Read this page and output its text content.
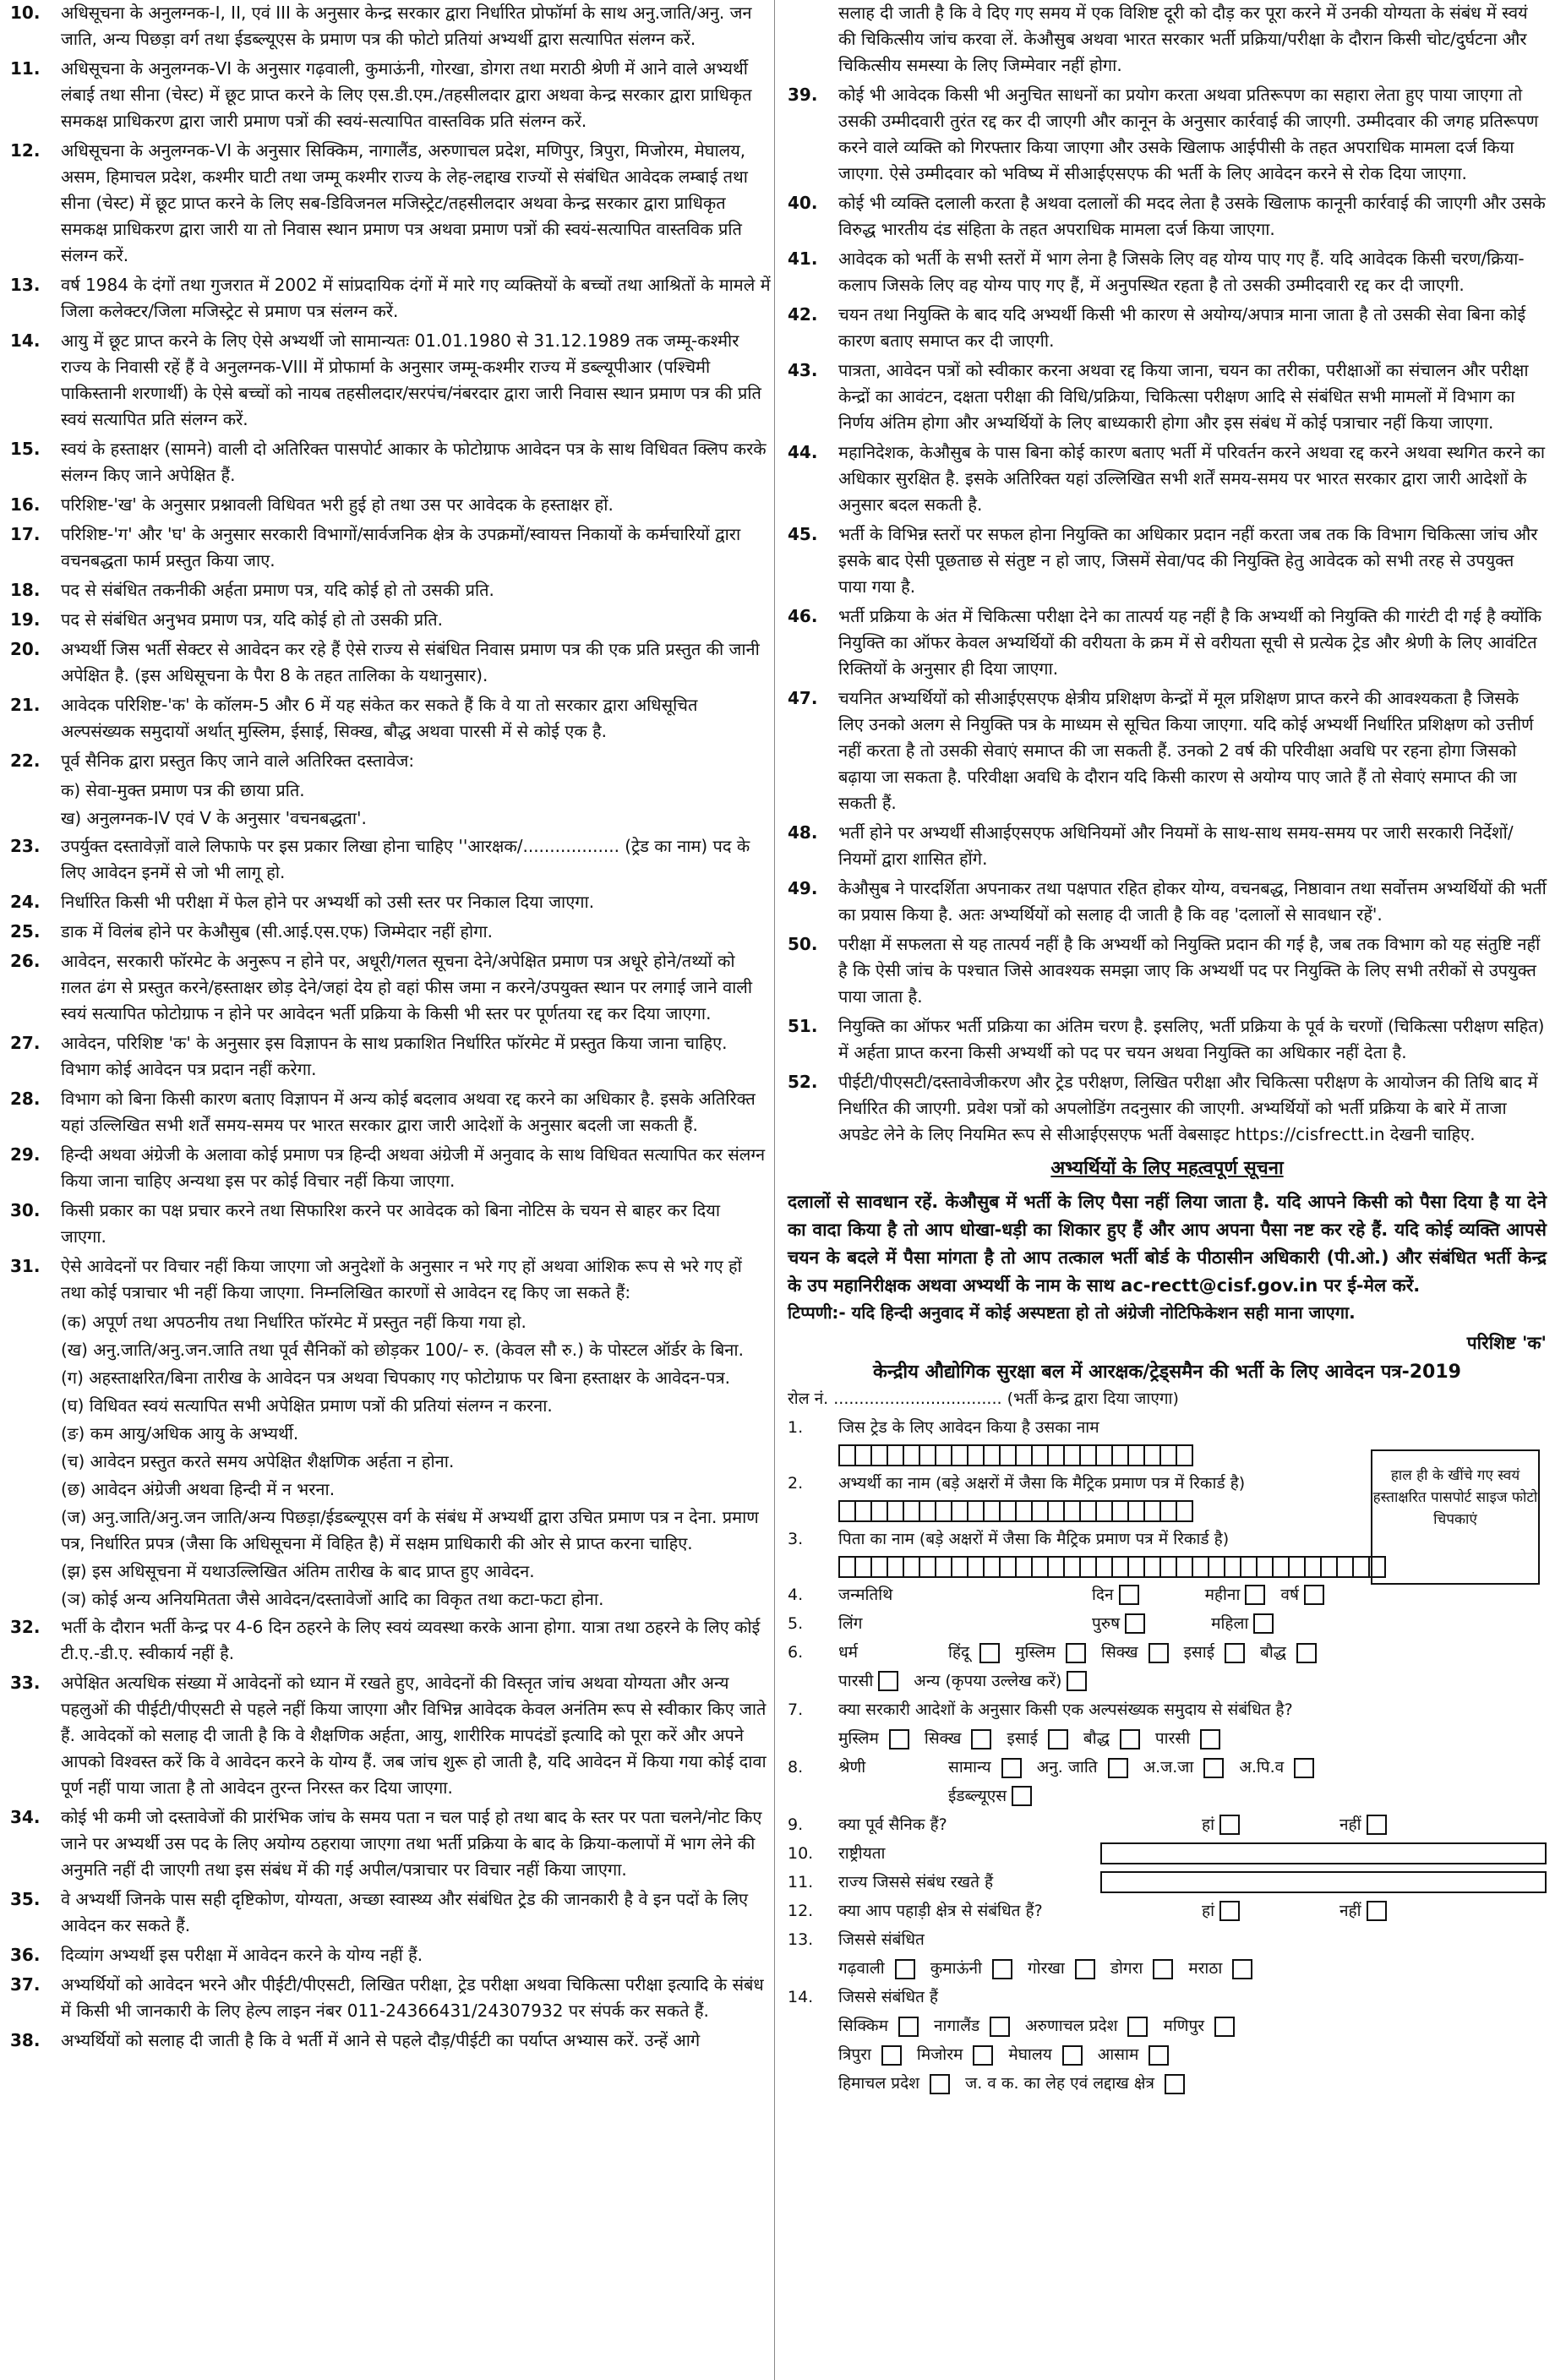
10.	अधिसूचना के अनुलग्नक-I, II, एवं III के अनुसार केन्द्र सरकार द्वारा निर्धारित प्रोफॉर्मा के साथ अनु.जाति/अनु. जन जाति, अन्य पिछड़ा वर्ग तथा ईडब्ल्यूएस के प्रमाण पत्र की फोटो प्रतियां अभ्यर्थी द्वारा सत्यापित संलग्न करें.
11.	अधिसूचना के अनुलग्नक-VI के अनुसार गढ़वाली, कुमाऊंनी, गोरखा, डोगरा तथा मराठी श्रेणी में आने वाले अभ्यर्थी लंबाई तथा सीना (चेस्ट) में छूट प्राप्त करने के लिए एस.डी.एम./तहसीलदार द्वारा अथवा केन्द्र सरकार द्वारा प्राधिकृत समकक्ष प्राधिकरण द्वारा जारी प्रमाण पत्रों की स्वयं-सत्यापित वास्तविक प्रति संलग्न करें.
12.	अधिसूचना के अनुलग्नक-VI के अनुसार सिक्किम, नागालैंड, अरुणाचल प्रदेश, मणिपुर, त्रिपुरा, मिजोरम, मेघालय, असम, हिमाचल प्रदेश, कश्मीर घाटी तथा जम्मू कश्मीर राज्य के लेह-लद्दाख राज्यों से संबंधित आवेदक लम्बाई तथा सीना (चेस्ट) में छूट प्राप्त करने के लिए सब-डिविजनल मजिस्ट्रेट/तहसीलदार अथवा केन्द्र सरकार द्वारा प्राधिकृत समकक्ष प्राधिकरण द्वारा जारी या तो निवास स्थान प्रमाण पत्र अथवा प्रमाण पत्रों की स्वयं-सत्यापित वास्तविक प्रति संलग्न करें.
13.	वर्ष 1984 के दंगों तथा गुजरात में 2002 में सांप्रदायिक दंगों में मारे गए व्यक्तियों के बच्चों तथा आश्रितों के मामले में जिला कलेक्टर/जिला मजिस्ट्रेट से प्रमाण पत्र संलग्न करें.
14.	आयु में छूट प्राप्त करने के लिए ऐसे अभ्यर्थी जो सामान्यतः 01.01.1980 से 31.12.1989 तक जम्मू-कश्मीर राज्य के निवासी रहें हैं वे अनुलग्नक-VIII में प्रोफार्मा के अनुसार जम्मू-कश्मीर राज्य में डब्ल्यूपीआर (पश्चिमी पाकिस्तानी शरणार्थी) के ऐसे बच्चों को नायब तहसीलदार/सरपंच/नंबरदार द्वारा जारी निवास स्थान प्रमाण पत्र की प्रति स्वयं सत्यापित प्रति संलग्न करें.
15.	स्वयं के हस्ताक्षर (सामने) वाली दो अतिरिक्त पासपोर्ट आकार के फोटोग्राफ आवेदन पत्र के साथ विधिवत क्लिप करके संलग्न किए जाने अपेक्षित हैं.
16.	परिशिष्ट-'ख' के अनुसार प्रश्नावली विधिवत भरी हुई हो तथा उस पर आवेदक के हस्ताक्षर हों.
17.	परिशिष्ट-'ग' और 'घ' के अनुसार सरकारी विभागों/सार्वजनिक क्षेत्र के उपक्रमों/स्वायत्त निकायों के कर्मचारियों द्वारा वचनबद्धता फार्म प्रस्तुत किया जाए.
18.	पद से संबंधित तकनीकी अर्हता प्रमाण पत्र, यदि कोई हो तो उसकी प्रति.
19.	पद से संबंधित अनुभव प्रमाण पत्र, यदि कोई हो तो उसकी प्रति.
20.	अभ्यर्थी जिस भर्ती सेक्टर से आवेदन कर रहे हैं ऐसे राज्य से संबंधित निवास प्रमाण पत्र की एक प्रति प्रस्तुत की जानी अपेक्षित है. (इस अधिसूचना के पैरा 8 के तहत तालिका के यथानुसार).
21.	आवेदक परिशिष्ट-'क' के कॉलम-5 और 6 में यह संकेत कर सकते हैं कि वे या तो सरकार द्वारा अधिसूचित अल्पसंख्यक समुदायों अर्थात् मुस्लिम, ईसाई, सिक्ख, बौद्ध अथवा पारसी में से कोई एक है.
22.	पूर्व सैनिक द्वारा प्रस्तुत किए जाने वाले अतिरिक्त दस्तावेज:
क) सेवा-मुक्त प्रमाण पत्र की छाया प्रति.
ख) अनुलग्नक-IV एवं V के अनुसार 'वचनबद्धता'.
23.	उपर्युक्त दस्तावेज़ों वाले लिफाफे पर इस प्रकार लिखा होना चाहिए ''आरक्षक/.................. (ट्रेड का नाम) पद के लिए आवेदन इनमें से जो भी लागू हो.
24.	निर्धारित किसी भी परीक्षा में फेल होने पर अभ्यर्थी को उसी स्तर पर निकाल दिया जाएगा.
25.	डाक में विलंब होने पर केऔसुब (सी.आई.एस.एफ) जिम्मेदार नहीं होगा.
26.	आवेदन, सरकारी फॉरमेट के अनुरूप न होने पर, अधूरी/गलत सूचना देने/अपेक्षित प्रमाण पत्र अधूरे होने/तथ्यों को ग़लत ढंग से प्रस्तुत करने/हस्ताक्षर छोड़ देने/जहां देय हो वहां फीस जमा न करने/उपयुक्त स्थान पर लगाई जाने वाली स्वयं सत्यापित फोटोग्राफ न होने पर आवेदन भर्ती प्रक्रिया के किसी भी स्तर पर पूर्णतया रद्द कर दिया जाएगा.
27.	आवेदन, परिशिष्ट 'क' के अनुसार इस विज्ञापन के साथ प्रकाशित निर्धारित फॉरमेट में प्रस्तुत किया जाना चाहिए. विभाग कोई आवेदन पत्र प्रदान नहीं करेगा.
28.	विभाग को बिना किसी कारण बताए विज्ञापन में अन्य कोई बदलाव अथवा रद्द करने का अधिकार है. इसके अतिरिक्त यहां उल्लिखित सभी शर्तें समय-समय पर भारत सरकार द्वारा जारी आदेशों के अनुसार बदली जा सकती हैं.
29.	हिन्दी अथवा अंग्रेजी के अलावा कोई प्रमाण पत्र हिन्दी अथवा अंग्रेजी में अनुवाद के साथ विधिवत सत्यापित कर संलग्न किया जाना चाहिए अन्यथा इस पर कोई विचार नहीं किया जाएगा.
30.	किसी प्रकार का पक्ष प्रचार करने तथा सिफारिश करने पर आवेदक को बिना नोटिस के चयन से बाहर कर दिया जाएगा.
31.	ऐसे आवेदनों पर विचार नहीं किया जाएगा जो अनुदेशों के अनुसार न भरे गए हों अथवा आंशिक रूप से भरे गए हों तथा कोई पत्राचार भी नहीं किया जाएगा. निम्नलिखित कारणों से आवेदन रद्द किए जा सकते हैं:
(क) अपूर्ण तथा अपठनीय तथा निर्धारित फॉरमेट में प्रस्तुत नहीं किया गया हो.
(ख) अनु.जाति/अनु.जन.जाति तथा पूर्व सैनिकों को छोड़कर 100/- रु. (केवल सौ रु.) के पोस्टल ऑर्डर के बिना.
(ग) अहस्ताक्षरित/बिना तारीख के आवेदन पत्र अथवा चिपकाए गए फोटोग्राफ पर बिना हस्ताक्षर के आवेदन-पत्र.
(घ) विधिवत स्वयं सत्यापित सभी अपेक्षित प्रमाण पत्रों की प्रतियां संलग्न न करना.
(ङ) कम आयु/अधिक आयु के अभ्यर्थी.
(च) आवेदन प्रस्तुत करते समय अपेक्षित शैक्षणिक अर्हता न होना.
(छ) आवेदन अंग्रेजी अथवा हिन्दी में न भरना.
(ज) अनु.जाति/अनु.जन जाति/अन्य पिछड़ा/ईडब्ल्यूएस वर्ग के संबंध में अभ्यर्थी द्वारा उचित प्रमाण पत्र न देना. प्रमाण पत्र, निर्धारित प्रपत्र (जैसा कि अधिसूचना में विहित है) में सक्षम प्राधिकारी की ओर से प्राप्त करना चाहिए.
(झ) इस अधिसूचना में यथाउल्लिखित अंतिम तारीख के बाद प्राप्त हुए आवेदन.
(ञ) कोई अन्य अनियमितता जैसे आवेदन/दस्तावेजों आदि का विकृत तथा कटा-फटा होना.
32.	भर्ती के दौरान भर्ती केन्द्र पर 4-6 दिन ठहरने के लिए स्वयं व्यवस्था करके आना होगा. यात्रा तथा ठहरने के लिए कोई टी.ए.-डी.ए. स्वीकार्य नहीं है.
33.	अपेक्षित अत्यधिक संख्या में आवेदनों को ध्यान में रखते हुए, आवेदनों की विस्तृत जांच अथवा योग्यता और अन्य पहलुओं की पीईटी/पीएसटी से पहले नहीं किया जाएगा और विभिन्न आवेदक केवल अनंतिम रूप से स्वीकार किए जाते हैं. आवेदकों को सलाह दी जाती है कि वे शैक्षणिक अर्हता, आयु, शारीरिक मापदंडों इत्यादि को पूरा करें और अपने आपको विश्वस्त करें कि वे आवेदन करने के योग्य हैं. जब जांच शुरू हो जाती है, यदि आवेदन में किया गया कोई दावा पूर्ण नहीं पाया जाता है तो आवेदन तुरन्त निरस्त कर दिया जाएगा.
34.	कोई भी कमी जो दस्तावेजों की प्रारंभिक जांच के समय पता न चल पाई हो तथा बाद के स्तर पर पता चलने/नोट किए जाने पर अभ्यर्थी उस पद के लिए अयोग्य ठहराया जाएगा तथा भर्ती प्रक्रिया के बाद के क्रिया-कलापों में भाग लेने की अनुमति नहीं दी जाएगी तथा इस संबंध में की गई अपील/पत्राचार पर विचार नहीं किया जाएगा.
35.	वे अभ्यर्थी जिनके पास सही दृष्टिकोण, योग्यता, अच्छा स्वास्थ्य और संबंधित ट्रेड की जानकारी है वे इन पदों के लिए आवेदन कर सकते हैं.
36.	दिव्यांग अभ्यर्थी इस परीक्षा में आवेदन करने के योग्य नहीं हैं.
37.	अभ्यर्थियों को आवेदन भरने और पीईटी/पीएसटी, लिखित परीक्षा, ट्रेड परीक्षा अथवा चिकित्सा परीक्षा इत्यादि के संबंध में किसी भी जानकारी के लिए हेल्प लाइन नंबर 011-24366431/24307932 पर संपर्क कर सकते हैं.
38.	अभ्यर्थियों को सलाह दी जाती है कि वे भर्ती में आने से पहले दौड़/पीईटी का पर्याप्त अभ्यास करें. उन्हें आगे
सलाह दी जाती है कि वे दिए गए समय में एक विशिष्ट दूरी को दौड़ कर पूरा करने में उनकी योग्यता के संबंध में स्वयं की चिकित्सीय जांच करवा लें. केऔसुब अथवा भारत सरकार भर्ती प्रक्रिया/परीक्षा के दौरान किसी चोट/दुर्घटना और चिकित्सीय समस्या के लिए जिम्मेवार नहीं होगा.
39.	कोई भी आवेदक किसी भी अनुचित साधनों का प्रयोग करता अथवा प्रतिरूपण का सहारा लेता हुए पाया जाएगा तो उसकी उम्मीदवारी तुरंत रद्द कर दी जाएगी और कानून के अनुसार कार्रवाई की जाएगी. उम्मीदवार की जगह प्रतिरूपण करने वाले व्यक्ति को गिरफ्तार किया जाएगा और उसके खिलाफ आईपीसी के तहत अपराधिक मामला दर्ज किया जाएगा. ऐसे उम्मीदवार को भविष्य में सीआईएसएफ की भर्ती के लिए आवेदन करने से रोक दिया जाएगा.
40.	कोई भी व्यक्ति दलाली करता है अथवा दलालों की मदद लेता है उसके खिलाफ कानूनी कार्रवाई की जाएगी और उसके विरुद्ध भारतीय दंड संहिता के तहत अपराधिक मामला दर्ज किया जाएगा.
41.	आवेदक को भर्ती के सभी स्तरों में भाग लेना है जिसके लिए वह योग्य पाए गए हैं. यदि आवेदक किसी चरण/क्रिया-कलाप जिसके लिए वह योग्य पाए गए हैं, में अनुपस्थित रहता है तो उसकी उम्मीदवारी रद्द कर दी जाएगी.
42.	चयन तथा नियुक्ति के बाद यदि अभ्यर्थी किसी भी कारण से अयोग्य/अपात्र माना जाता है तो उसकी सेवा बिना कोई कारण बताए समाप्त कर दी जाएगी.
43.	पात्रता, आवेदन पत्रों को स्वीकार करना अथवा रद्द किया जाना, चयन का तरीका, परीक्षाओं का संचालन और परीक्षा केन्द्रों का आवंटन, दक्षता परीक्षा की विधि/प्रक्रिया, चिकित्सा परीक्षण आदि से संबंधित सभी मामलों में विभाग का निर्णय अंतिम होगा और अभ्यर्थियों के लिए बाध्यकारी होगा और इस संबंध में कोई पत्राचार नहीं किया जाएगा.
44.	महानिदेशक, केऔसुब के पास बिना कोई कारण बताए भर्ती में परिवर्तन करने अथवा रद्द करने अथवा स्थगित करने का अधिकार सुरक्षित है. इसके अतिरिक्त यहां उल्लिखित सभी शर्तें समय-समय पर भारत सरकार द्वारा जारी आदेशों के अनुसार बदल सकती है.
45.	भर्ती के विभिन्न स्तरों पर सफल होना नियुक्ति का अधिकार प्रदान नहीं करता जब तक कि विभाग चिकित्सा जांच और इसके बाद ऐसी पूछताछ से संतुष्ट न हो जाए, जिसमें सेवा/पद की नियुक्ति हेतु आवेदक को सभी तरह से उपयुक्त पाया गया है.
46.	भर्ती प्रक्रिया के अंत में चिकित्सा परीक्षा देने का तात्पर्य यह नहीं है कि अभ्यर्थी को नियुक्ति की गारंटी दी गई है क्योंकि नियुक्ति का ऑफर केवल अभ्यर्थियों की वरीयता के क्रम में से वरीयता सूची से प्रत्येक ट्रेड और श्रेणी के लिए आवंटित रिक्तियों के अनुसार ही दिया जाएगा.
47.	चयनित अभ्यर्थियों को सीआईएसएफ क्षेत्रीय प्रशिक्षण केन्द्रों में मूल प्रशिक्षण प्राप्त करने की आवश्यकता है जिसके लिए उनको अलग से नियुक्ति पत्र के माध्यम से सूचित किया जाएगा. यदि कोई अभ्यर्थी निर्धारित प्रशिक्षण को उत्तीर्ण नहीं करता है तो उसकी सेवाएं समाप्त की जा सकती हैं. उनको 2 वर्ष की परिवीक्षा अवधि पर रहना होगा जिसको बढ़ाया जा सकता है. परिवीक्षा अवधि के दौरान यदि किसी कारण से अयोग्य पाए जाते हैं तो सेवाएं समाप्त की जा सकती हैं.
48.	भर्ती होने पर अभ्यर्थी सीआईएसएफ अधिनियमों और नियमों के साथ-साथ समय-समय पर जारी सरकारी निर्देशों/नियमों द्वारा शासित होंगे.
49.	केऔसुब ने पारदर्शिता अपनाकर तथा पक्षपात रहित होकर योग्य, वचनबद्ध, निष्ठावान तथा सर्वोत्तम अभ्यर्थियों की भर्ती का प्रयास किया है. अतः अभ्यर्थियों को सलाह दी जाती है कि वह 'दलालों से सावधान रहें'.
50.	परीक्षा में सफलता से यह तात्पर्य नहीं है कि अभ्यर्थी को नियुक्ति प्रदान की गई है, जब तक विभाग को यह संतुष्टि नहीं है कि ऐसी जांच के पश्चात जिसे आवश्यक समझा जाए कि अभ्यर्थी पद पर नियुक्ति के लिए सभी तरीकों से उपयुक्त पाया जाता है.
51.	नियुक्ति का ऑफर भर्ती प्रक्रिया का अंतिम चरण है. इसलिए, भर्ती प्रक्रिया के पूर्व के चरणों (चिकित्सा परीक्षण सहित) में अर्हता प्राप्त करना किसी अभ्यर्थी को पद पर चयन अथवा नियुक्ति का अधिकार नहीं देता है.
52.	पीईटी/पीएसटी/दस्तावेजीकरण और ट्रेड परीक्षण, लिखित परीक्षा और चिकित्सा परीक्षण के आयोजन की तिथि बाद में निर्धारित की जाएगी. प्रवेश पत्रों को अपलोडिंग तदनुसार की जाएगी. अभ्यर्थियों को भर्ती प्रक्रिया के बारे में ताजा अपडेट लेने के लिए नियमित रूप से सीआईएसएफ भर्ती वेबसाइट https://cisfrectt.in देखनी चाहिए.
अभ्यर्थियों के लिए महत्वपूर्ण सूचना
दलालों से सावधान रहें. केऔसुब में भर्ती के लिए पैसा नहीं लिया जाता है. यदि आपने किसी को पैसा दिया है या देने का वादा किया है तो आप धोखा-धड़ी का शिकार हुए हैं और आप अपना पैसा नष्ट कर रहे हैं. यदि कोई व्यक्ति आपसे चयन के बदले में पैसा मांगता है तो आप तत्काल भर्ती बोर्ड के पीठासीन अधिकारी (पी.ओ.) और संबंधित भर्ती केन्द्र के उप महानिरीक्षक अथवा अभ्यर्थी के नाम के साथ ac-rectt@cisf.gov.in पर ई-मेल करें.
टिप्पणी:- यदि हिन्दी अनुवाद में कोई अस्पष्टता हो तो अंग्रेजी नोटिफिकेशन सही माना जाएगा.
परिशिष्ट 'क'
केन्द्रीय औद्योगिक सुरक्षा बल में आरक्षक/ट्रेड्समैन की भर्ती के लिए आवेदन पत्र-2019
रोल नं. ................................. (भर्ती केन्द्र द्वारा दिया जाएगा)
हाल ही के खींचे गए स्वयं हस्ताक्षरित पासपोर्ट साइज फोटो चिपकाएं
1.	जिस ट्रेड के लिए आवेदन किया है उसका नाम
2.	अभ्यर्थी का नाम (बड़े अक्षरों में जैसा कि मैट्रिक प्रमाण पत्र में रिकार्ड है)
3.	पिता का नाम (बड़े अक्षरों में जैसा कि मैट्रिक प्रमाण पत्र में रिकार्ड है)
4.	जन्मतिथि	दिन	महीना	वर्ष
5.	लिंग	पुरुष	महिला
6.	धर्म	हिंदू	मुस्लिम	सिक्ख	इसाई	बौद्ध
पारसी	अन्य (कृपया उल्लेख करें)
7.	क्या सरकारी आदेशों के अनुसार किसी एक अल्पसंख्यक समुदाय से संबंधित है?
मुस्लिम	सिक्ख	इसाई	बौद्ध	पारसी
8.	श्रेणी	सामान्य	अनु. जाति	अ.ज.जा	अ.पि.व
ईडब्ल्यूएस
9.	क्या पूर्व सैनिक हैं?	हां	नहीं
10.	राष्ट्रीयता
11.	राज्य जिससे संबंध रखते हैं
12.	क्या आप पहाड़ी क्षेत्र से संबंधित हैं?	हां	नहीं
13.	जिससे संबंधित
गढ़वाली	कुमाऊंनी	गोरखा	डोगरा	मराठा
14.	जिससे संबंधित हैं
सिक्किम	नागालैंड	अरुणाचल प्रदेश	मणिपुर
त्रिपुरा	मिजोरम	मेघालय	आसाम
हिमाचल प्रदेश	ज. व क. का लेह एवं लद्दाख क्षेत्र
